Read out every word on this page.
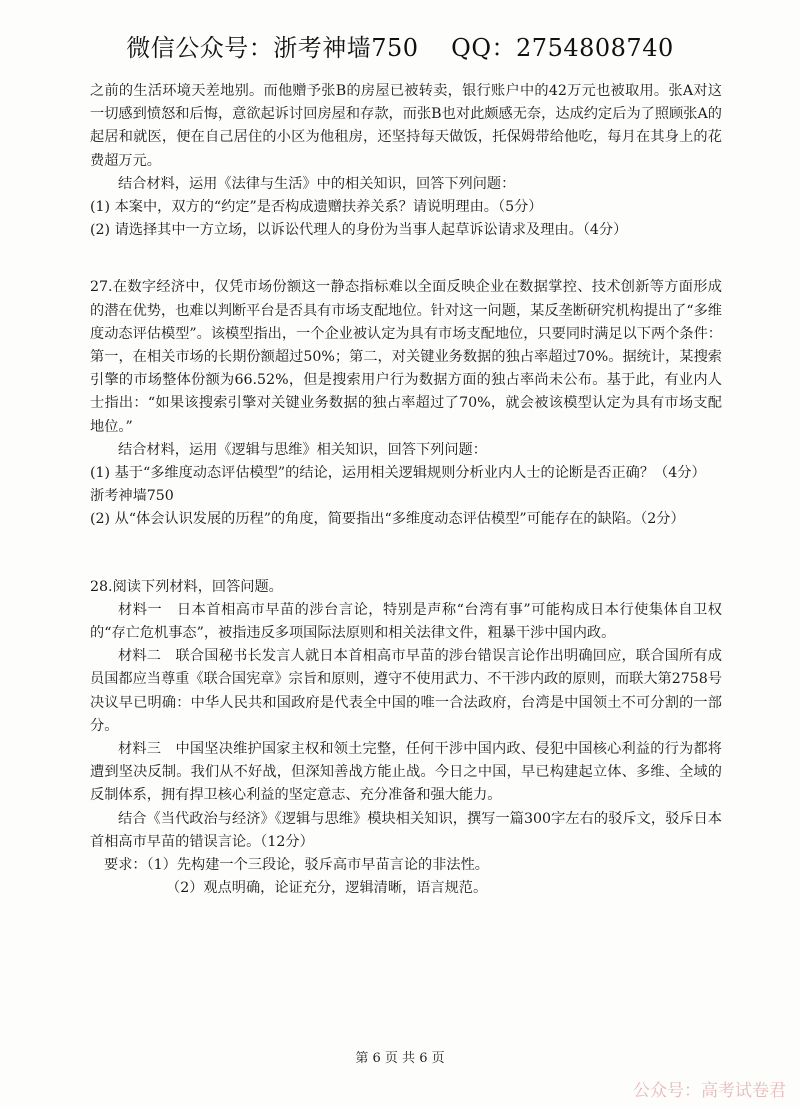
微信公众号：浙考神墙750　 QQ：2754808740

之前的生活环境天差地别。而他赠予张B的房屋已被转卖，银行账户中的42万元也被取用。张A对这一切感到愤怒和后悔，意欲起诉讨回房屋和存款，而张B也对此颇感无奈，达成约定后为了照顾张A的起居和就医，便在自己居住的小区为他租房，还坚持每天做饭，托保姆带给他吃，每月在其身上的花费超万元。

结合材料，运用《法律与生活》中的相关知识，回答下列问题：

(1) 本案中，双方的“约定”是否构成遗赠扶养关系？请说明理由。（5分）

(2) 请选择其中一方立场，以诉讼代理人的身份为当事人起草诉讼请求及理由。（4分）

27.在数字经济中，仅凭市场份额这一静态指标难以全面反映企业在数据掌控、技术创新等方面形成的潜在优势，也难以判断平台是否具有市场支配地位。针对这一问题，某反垄断研究机构提出了“多维度动态评估模型”。该模型指出，一个企业被认定为具有市场支配地位，只要同时满足以下两个条件：第一，在相关市场的长期份额超过50%；第二，对关键业务数据的独占率超过70%。据统计，某搜索引擎的市场整体份额为66.52%，但是搜索用户行为数据方面的独占率尚未公布。基于此，有业内人士指出：“如果该搜索引擎对关键业务数据的独占率超过了70%，就会被该模型认定为具有市场支配地位。”

结合材料，运用《逻辑与思维》相关知识，回答下列问题：

(1) 基于“多维度动态评估模型”的结论，运用相关逻辑规则分析业内人士的论断是否正确？（4分）　浙考神墙750

(2) 从“体会认识发展的历程”的角度，简要指出“多维度动态评估模型”可能存在的缺陷。（2分）

28.阅读下列材料，回答问题。

材料一　日本首相高市早苗的涉台言论，特别是声称“台湾有事”可能构成日本行使集体自卫权的“存亡危机事态”，被指违反多项国际法原则和相关法律文件，粗暴干涉中国内政。

材料二　联合国秘书长发言人就日本首相高市早苗的涉台错误言论作出明确回应，联合国所有成员国都应当尊重《联合国宪章》宗旨和原则，遵守不使用武力、不干涉内政的原则，而联大第2758号决议早已明确：中华人民共和国政府是代表全中国的唯一合法政府，台湾是中国领土不可分割的一部分。

材料三　中国坚决维护国家主权和领土完整，任何干涉中国内政、侵犯中国核心利益的行为都将遭到坚决反制。我们从不好战，但深知善战方能止战。今日之中国，早已构建起立体、多维、全域的反制体系，拥有捍卫核心利益的坚定意志、充分准备和强大能力。

结合《当代政治与经济》《逻辑与思维》模块相关知识，撰写一篇300字左右的驳斥文，驳斥日本首相高市早苗的错误言论。（12分）

要求：（1）先构建一个三段论，驳斥高市早苗言论的非法性。

（2）观点明确，论证充分，逻辑清晰，语言规范。

第 6 页 共 6 页
公众号：高考试卷君
